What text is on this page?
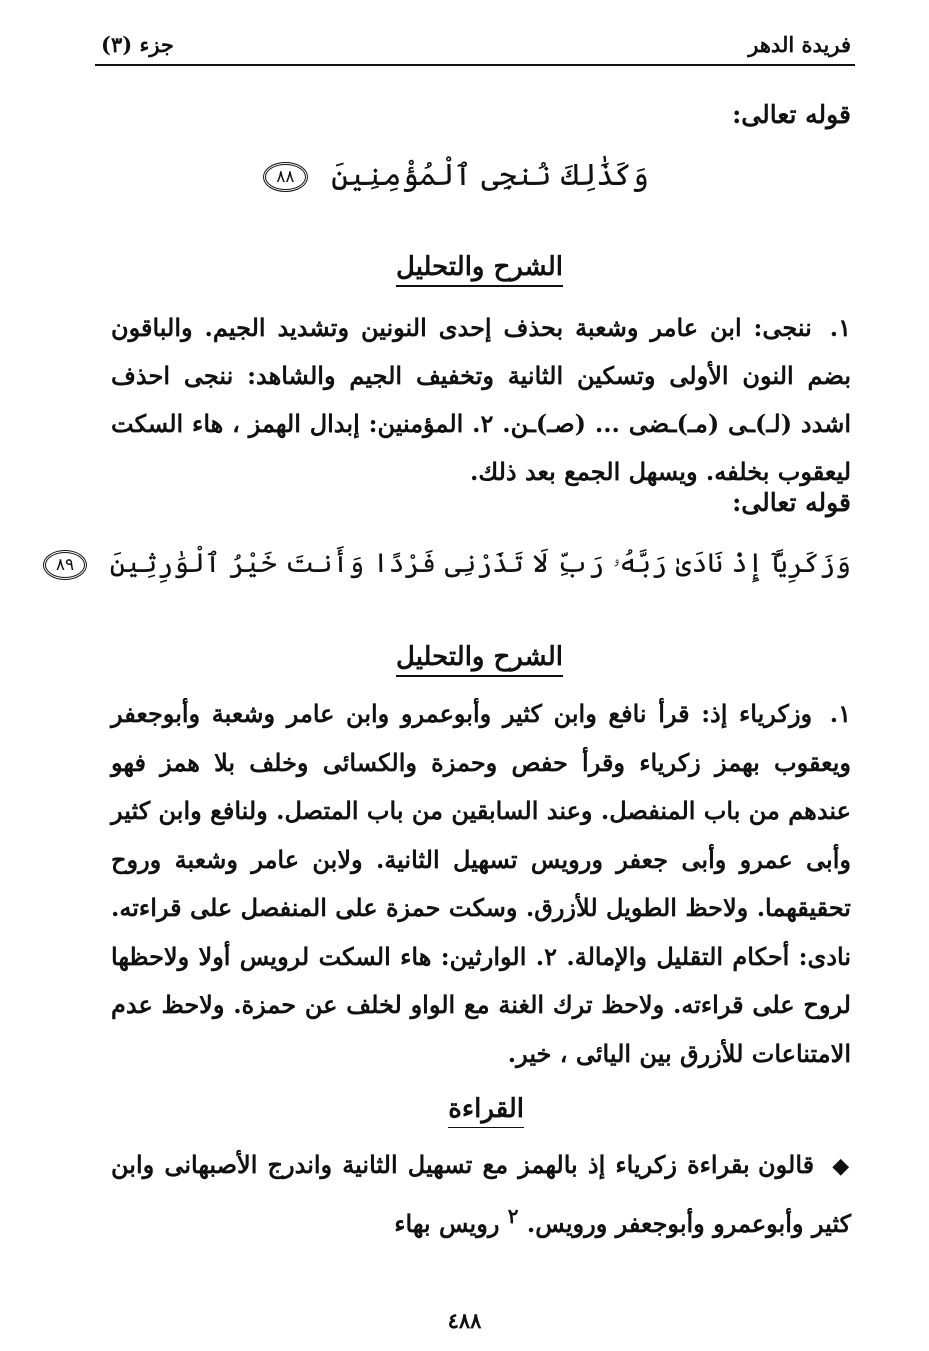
فريدة الدهر
جزء (٣)
قوله تعالى:
وَكَذَٰلِكَ نُنجِى ٱلْمُؤْمِنِينَ ٨٨
الشرح والتحليل
١. ننجى: ابن عامر وشعبة بحذف إحدى النونين وتشديد الجيم. والباقون بضم النون الأولى وتسكين الثانية وتخفيف الجيم والشاهد: ننجى احذف اشدد (لـ)ـى (مـ)ـضى ... (صـ)ـن. ٢. المؤمنين: إبدال الهمز ، هاء السكت ليعقوب بخلفه. ويسهل الجمع بعد ذلك.
قوله تعالى:
وَزَكَرِيَّآ إِذْ نَادَىٰ رَبَّهُۥ رَبِّ لَا تَذَرْنِى فَرْدًا وَأَنتَ خَيْرُ ٱلْوَٰرِثِينَ ٨٩
الشرح والتحليل
١. وزكرياء إذ: قرأ نافع وابن كثير وأبوعمرو وابن عامر وشعبة وأبوجعفر ويعقوب بهمز زكرياء وقرأ حفص وحمزة والكسائى وخلف بلا همز فهو عندهم من باب المنفصل. وعند السابقين من باب المتصل. ولنافع وابن كثير وأبى عمرو وأبى جعفر ورويس تسهيل الثانية. ولابن عامر وشعبة وروح تحقيقهما. ولاحظ الطويل للأزرق. وسكت حمزة على المنفصل على قراءته. نادى: أحكام التقليل والإمالة. ٢. الوارثين: هاء السكت لرويس أولا ولاحظها لروح على قراءته. ولاحظ ترك الغنة مع الواو لخلف عن حمزة. ولاحظ عدم الامتناعات للأزرق بين اليائى ، خير.
القراءة
◆ قالون بقراءة زكرياء إذ بالهمز مع تسهيل الثانية واندرج الأصبهانى وابن كثير وأبوعمرو وأبوجعفر ورويس. $^٢$ رويس بهاء
٤٨٨
